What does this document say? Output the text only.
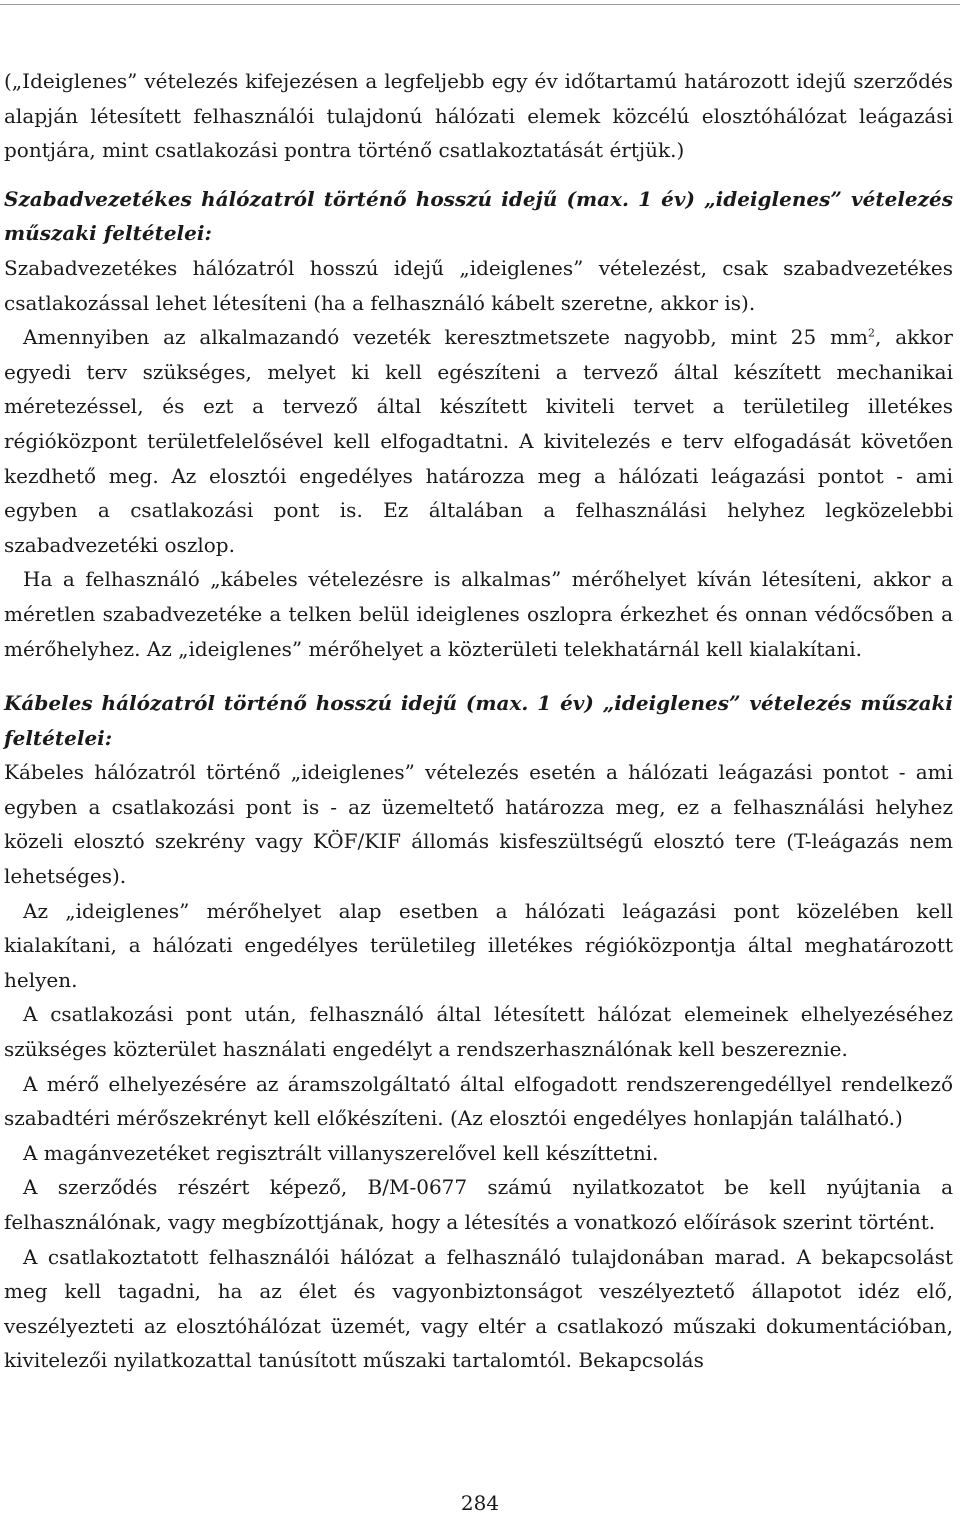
(„Ideiglenes” vételezés kifejezésen a legfeljebb egy év időtartamú határozott idejű szerződés alapján létesített felhasználói tulajdonú hálózati elemek közcélú elosztóhálózat leágazási pontjára, mint csatlakozási pontra történő csatlakoztatását értjük.)

Szabadvezetékes hálózatról történő hosszú idejű (max. 1 év) „ideiglenes” vételezés műszaki feltételei:

Szabadvezetékes hálózatról hosszú idejű „ideiglenes” vételezést, csak szabadvezetékes csatlakozással lehet létesíteni (ha a felhasználó kábelt szeretne, akkor is).

Amennyiben az alkalmazandó vezeték keresztmetszete nagyobb, mint 25 $mm^2$, akkor egyedi terv szükséges, melyet ki kell egészíteni a tervező által készített mechanikai méretezéssel, és ezt a tervező által készített kiviteli tervet a területileg illetékes régióközpont területfelelősével kell elfogadtatni. A kivitelezés e terv elfogadását követően kezdhető meg. Az elosztói engedélyes határozza meg a hálózati leágazási pontot - ami egyben a csatlakozási pont is. Ez általában a felhasználási helyhez legközelebbi szabadvezetéki oszlop.

Ha a felhasználó „kábeles vételezésre is alkalmas” mérőhelyet kíván létesíteni, akkor a méretlen szabadvezetéke a telken belül ideiglenes oszlopra érkezhet és onnan védőcsőben a mérőhelyhez. Az „ideiglenes” mérőhelyet a közterületi telekhatárnál kell kialakítani.

Kábeles hálózatról történő hosszú idejű (max. 1 év) „ideiglenes” vételezés műszaki feltételei:

Kábeles hálózatról történő „ideiglenes” vételezés esetén a hálózati leágazási pontot - ami egyben a csatlakozási pont is - az üzemeltető határozza meg, ez a felhasználási helyhez közeli elosztó szekrény vagy KÖF/KIF állomás kisfeszültségű elosztó tere (T-leágazás nem lehetséges).

Az „ideiglenes” mérőhelyet alap esetben a hálózati leágazási pont közelében kell kialakítani, a hálózati engedélyes területileg illetékes régióközpontja által meghatározott helyen.

A csatlakozási pont után, felhasználó által létesített hálózat elemeinek elhelyezéséhez szükséges közterület használati engedélyt a rendszerhasználónak kell beszereznie.

A mérő elhelyezésére az áramszolgáltató által elfogadott rendszerengedéllyel rendelkező szabadtéri mérőszekrényt kell előkészíteni. (Az elosztói engedélyes honlapján található.)

A magánvezetéket regisztrált villanyszerelővel kell készíttetni.

A szerződés részért képező, B/M-0677 számú nyilatkozatot be kell nyújtania a felhasználónak, vagy megbízottjának, hogy a létesítés a vonatkozó előírások szerint történt.

A csatlakoztatott felhasználói hálózat a felhasználó tulajdonában marad. A bekapcsolást meg kell tagadni, ha az élet és vagyonbiztonságot veszélyeztető állapotot idéz elő, veszélyezteti az elosztóhálózat üzemét, vagy eltér a csatlakozó műszaki dokumentációban, kivitelezői nyilatkozattal tanúsított műszaki tartalomtól. Bekapcsolás

284
